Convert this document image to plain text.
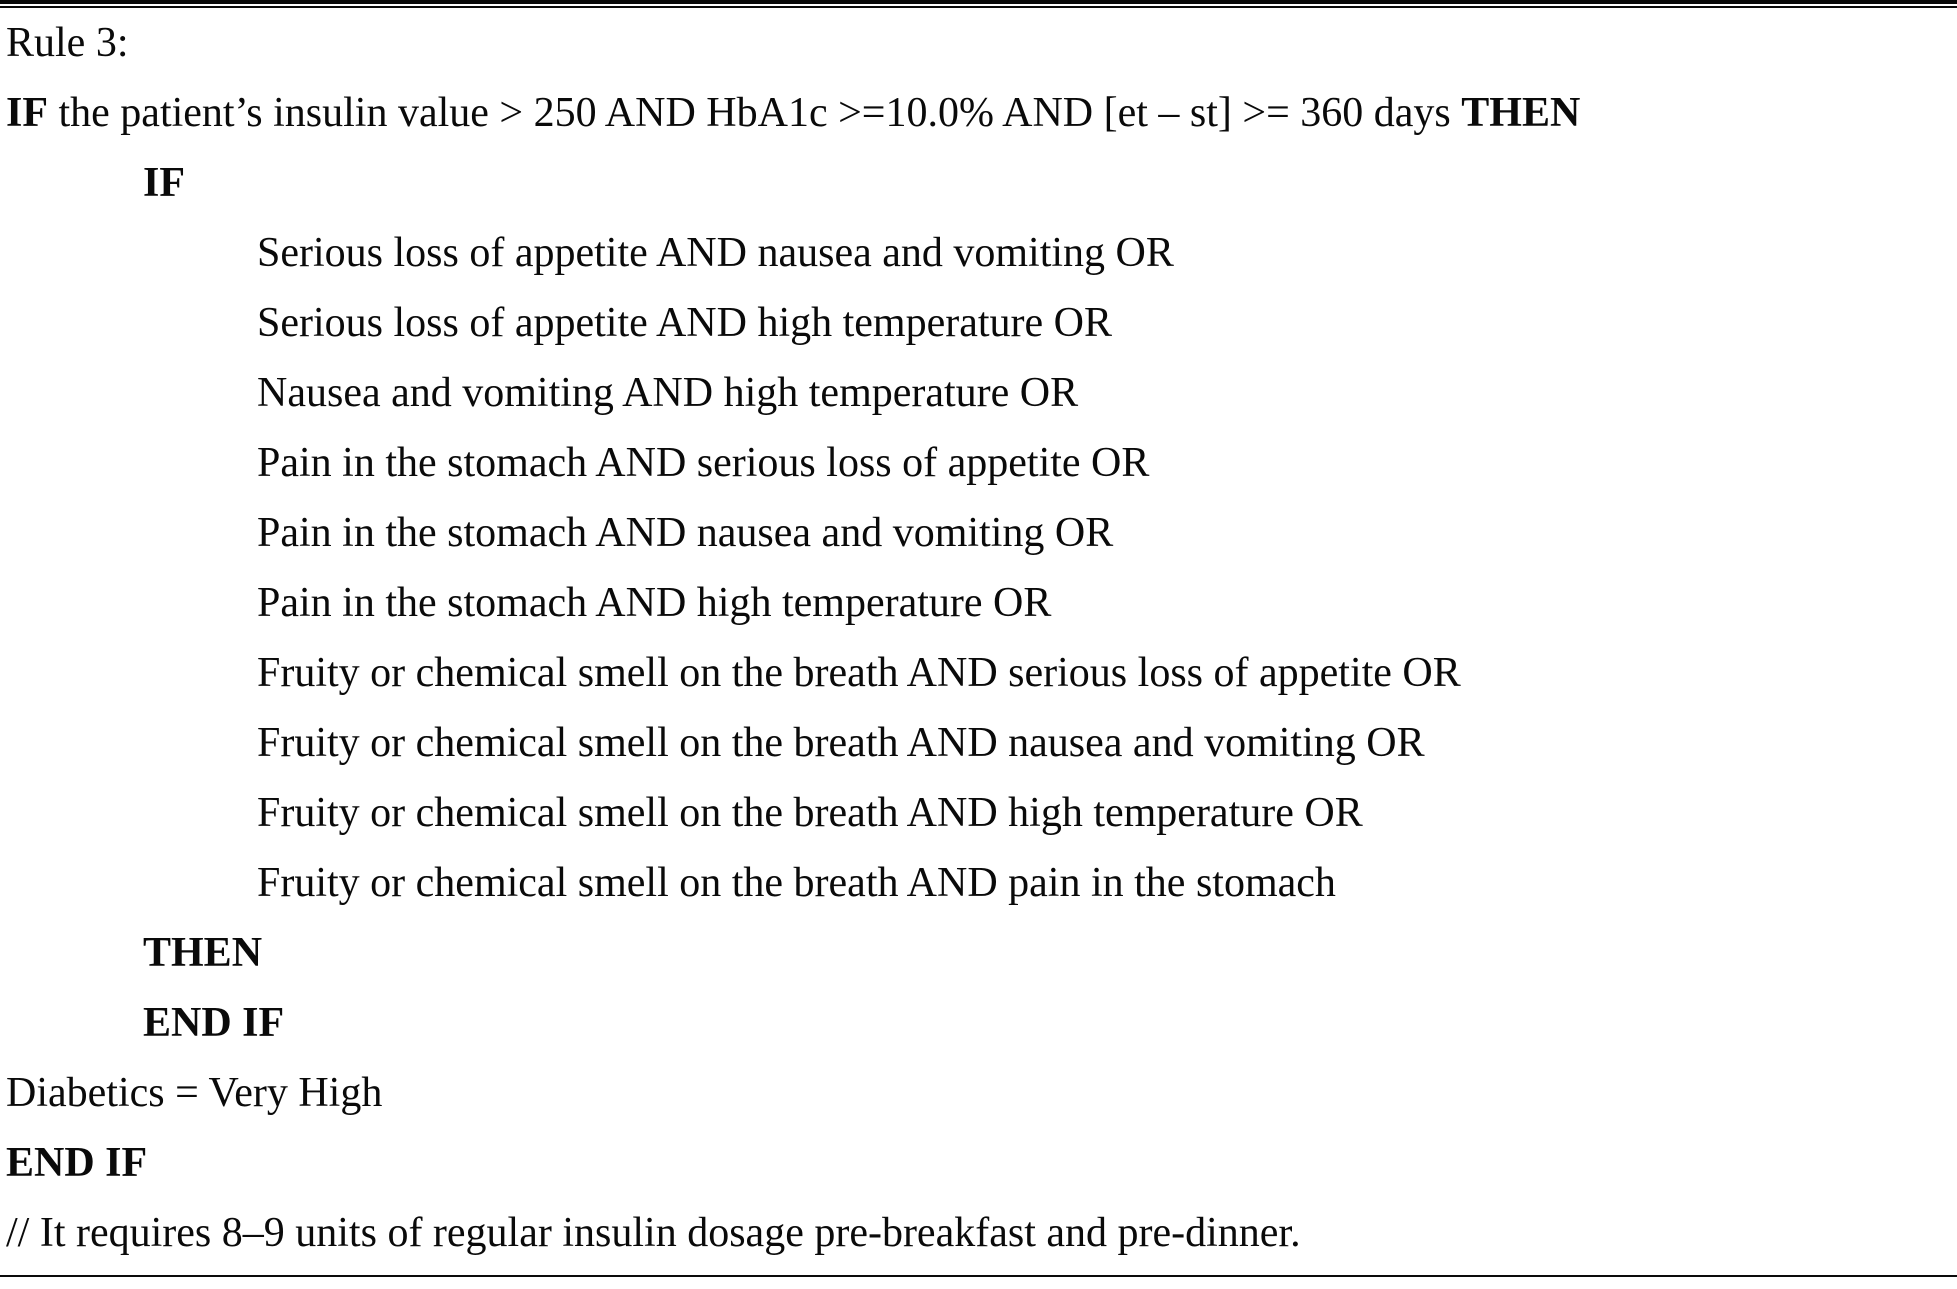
Rule 3:
IF the patient’s insulin value > 250 AND HbA1c >=10.0% AND [et – st] >= 360 days THEN
IF
Serious loss of appetite AND nausea and vomiting OR
Serious loss of appetite AND high temperature OR
Nausea and vomiting AND high temperature OR
Pain in the stomach AND serious loss of appetite OR
Pain in the stomach AND nausea and vomiting OR
Pain in the stomach AND high temperature OR
Fruity or chemical smell on the breath AND serious loss of appetite OR
Fruity or chemical smell on the breath AND nausea and vomiting OR
Fruity or chemical smell on the breath AND high temperature OR
Fruity or chemical smell on the breath AND pain in the stomach
THEN
END IF
Diabetics = Very High
END IF
// It requires 8–9 units of regular insulin dosage pre-breakfast and pre-dinner.
